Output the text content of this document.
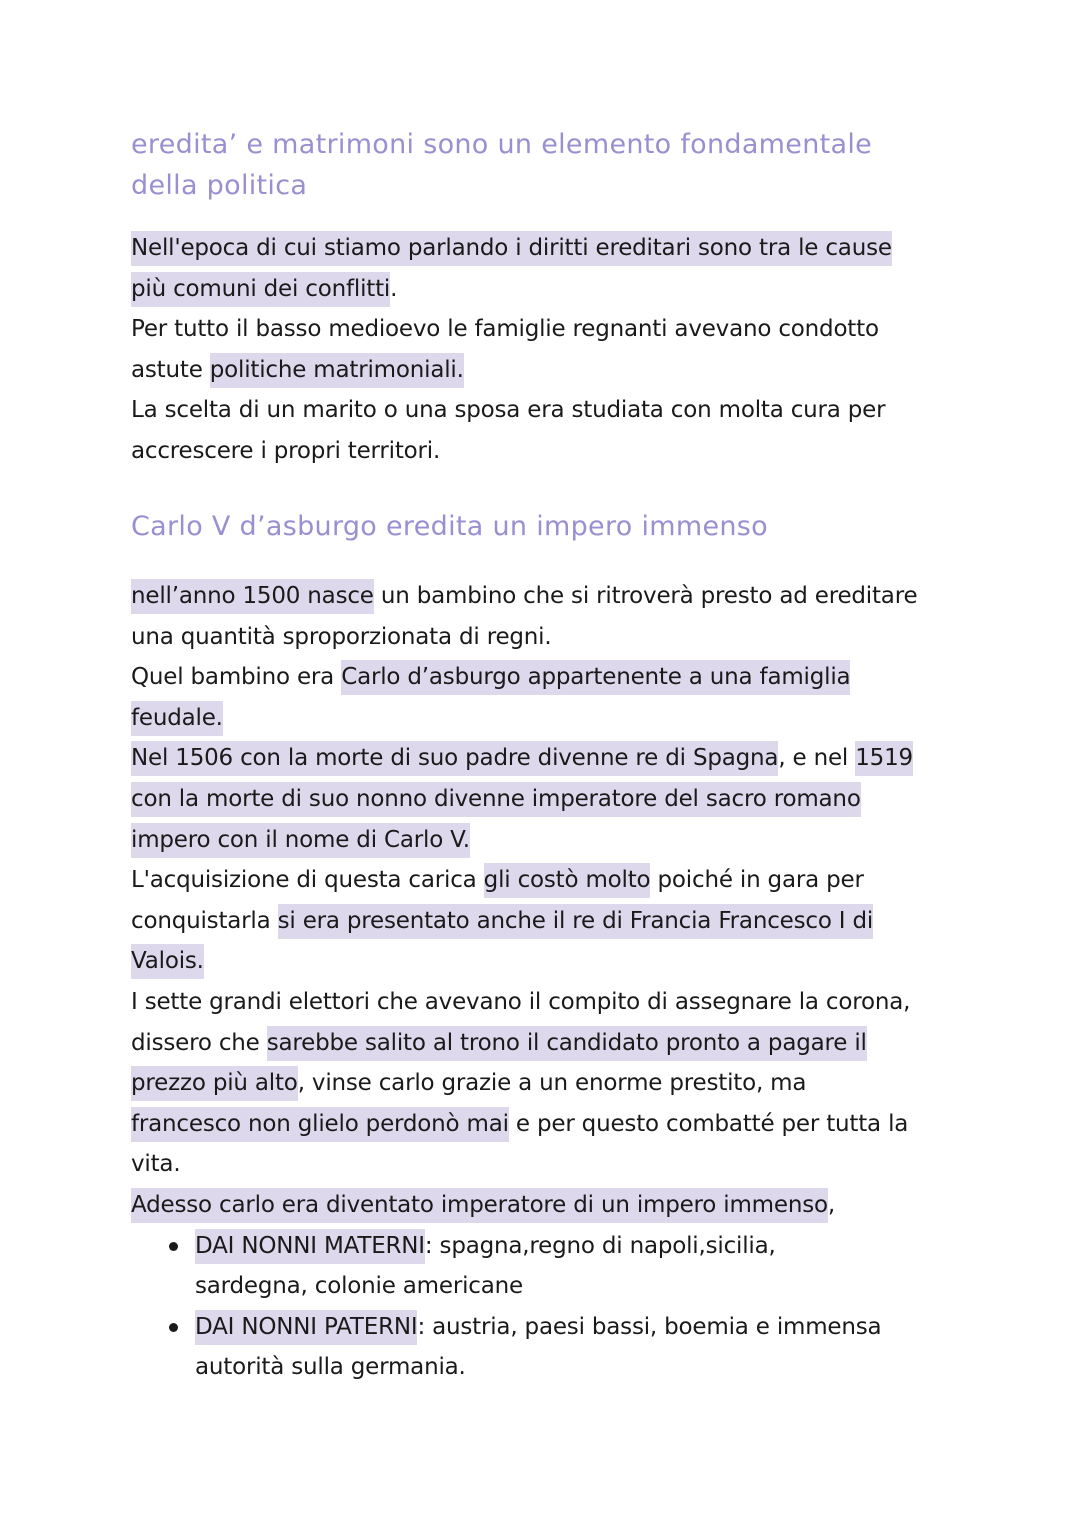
eredita’ e matrimoni sono un elemento fondamentale
della politica
Nell'epoca di cui stiamo parlando i diritti ereditari sono tra le cause
più comuni dei conflitti.
Per tutto il basso medioevo le famiglie regnanti avevano condotto
astute politiche matrimoniali.
La scelta di un marito o una sposa era studiata con molta cura per
accrescere i propri territori.
Carlo V d’asburgo eredita un impero immenso
nell’anno 1500 nasce un bambino che si ritroverà presto ad ereditare
una quantità sproporzionata di regni.
Quel bambino era Carlo d’asburgo appartenente a una famiglia
feudale.
Nel 1506 con la morte di suo padre divenne re di Spagna, e nel 1519
con la morte di suo nonno divenne imperatore del sacro romano
impero con il nome di Carlo V.
L'acquisizione di questa carica gli costò molto poiché in gara per
conquistarla si era presentato anche il re di Francia Francesco I di
Valois.
I sette grandi elettori che avevano il compito di assegnare la corona,
dissero che sarebbe salito al trono il candidato pronto a pagare il
prezzo più alto, vinse carlo grazie a un enorme prestito, ma
francesco non glielo perdonò mai e per questo combatté per tutta la
vita.
Adesso carlo era diventato imperatore di un impero immenso,
DAI NONNI MATERNI: spagna,regno di napoli,sicilia,
sardegna, colonie americane
DAI NONNI PATERNI: austria, paesi bassi, boemia e immensa
autorità sulla germania.
